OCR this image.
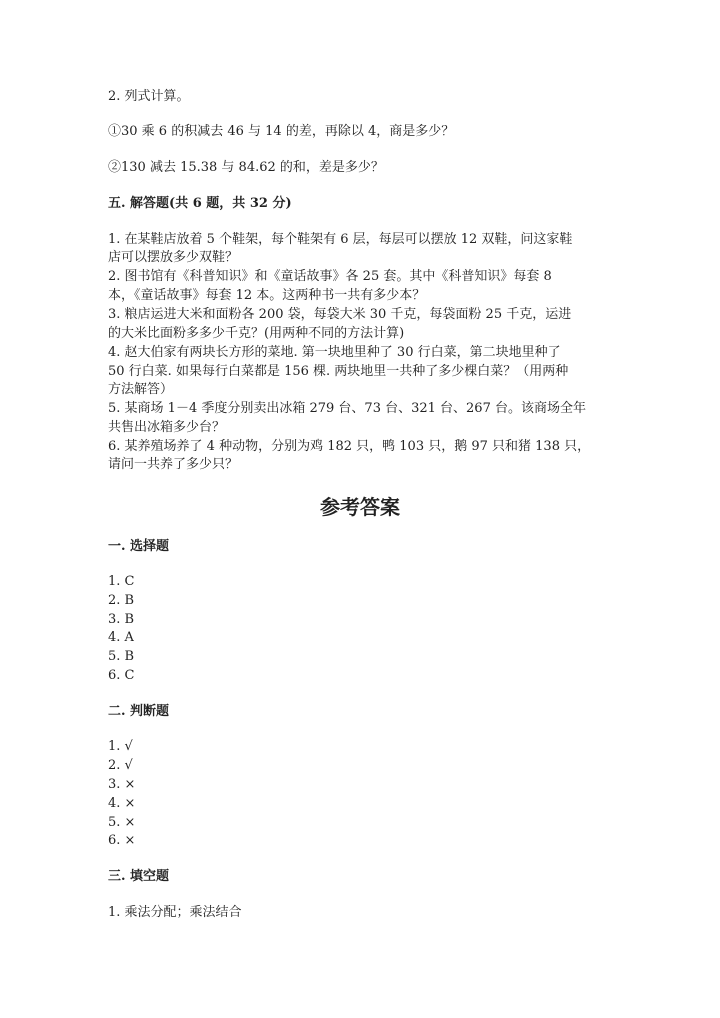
2. 列式计算。
①30 乘 6 的积减去 46 与 14 的差，再除以 4，商是多少？
②130 减去 15.38 与 84.62 的和，差是多少？
五. 解答题(共 6 题，共 32 分)
1. 在某鞋店放着 5 个鞋架，每个鞋架有 6 层，每层可以摆放 12 双鞋，问这家鞋
店可以摆放多少双鞋？
2. 图书馆有《科普知识》和《童话故事》各 25 套。其中《科普知识》每套 8
本，《童话故事》每套 12 本。这两种书一共有多少本？
3. 粮店运进大米和面粉各 200 袋，每袋大米 30 千克，每袋面粉 25 千克，运进
的大米比面粉多多少千克？(用两种不同的方法计算)
4. 赵大伯家有两块长方形的菜地. 第一块地里种了 30 行白菜，第二块地里种了
50 行白菜. 如果每行白菜都是 156 棵. 两块地里一共种了多少棵白菜？（用两种
方法解答）
5. 某商场 1－4 季度分别卖出冰箱 279 台、73 台、321 台、267 台。该商场全年
共售出冰箱多少台？
6. 某养殖场养了 4 种动物，分别为鸡 182 只，鸭 103 只，鹅 97 只和猪 138 只，
请问一共养了多少只？
参考答案
一. 选择题
1. C
2. B
3. B
4. A
5. B
6. C
二. 判断题
1. √
2. √
3. ×
4. ×
5. ×
6. ×
三. 填空题
1. 乘法分配；乘法结合
